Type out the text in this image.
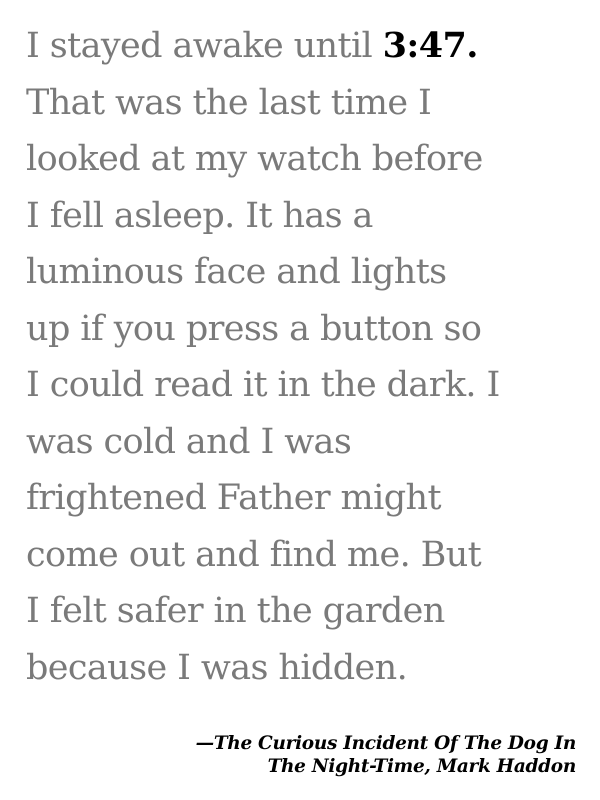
I stayed awake until 3:47.
That was the last time I
looked at my watch before
I fell asleep. It has a
luminous face and lights
up if you press a button so
I could read it in the dark. I
was cold and I was
frightened Father might
come out and find me. But
I felt safer in the garden
because I was hidden.
—The Curious Incident Of The Dog In
The Night-Time, Mark Haddon
